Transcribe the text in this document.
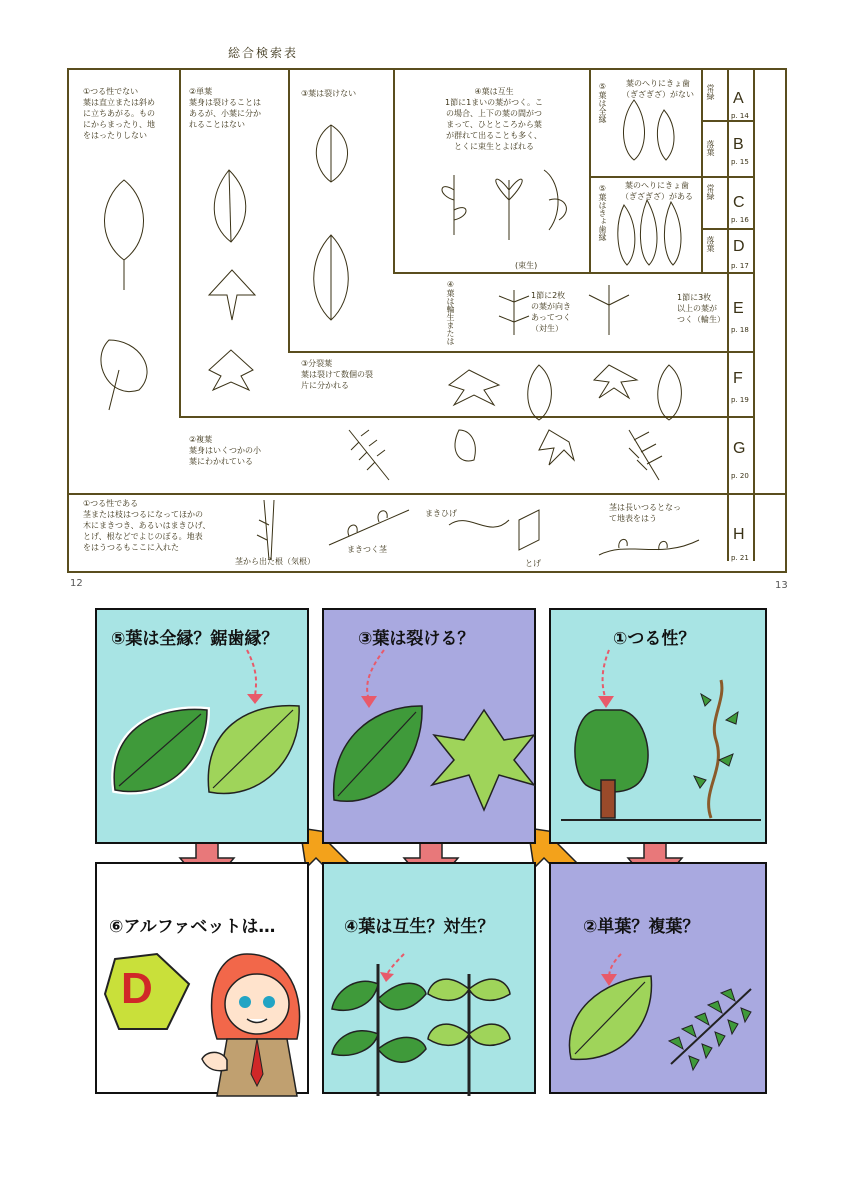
総合検索表
12	13
①つる性でない
葉は直立または斜め
に立ちあがる。もの
にからまったり、地
をはったりしない
②単葉
葉身は裂けることは
あるが、小葉に分か
れることはない
③葉は裂けない	④葉は互生
1節に1まいの葉がつく。こ
の場合、上下の葉の間がつ
まって、ひとところから葉
が群れて出ることも多く、
とくに束生とよばれる
(束生)
⑤葉は全縁	葉のへりにきょ歯
（ぎざぎざ）がない
⑤葉はきょ歯縁	葉のへりにきょ歯
（ぎざぎざ）がある
④葉は輪生または	1節に2枚
の葉が向き
あってつく
（対生）
1節に3枚
以上の葉が
つく（輪生）
③分裂葉
葉は裂けて数個の裂
片に分かれる
②複葉
葉身はいくつかの小
葉にわかれている
①つる性である
茎または枝はつるになってほかの
木にまきつき、あるいはまきひげ、
とげ、根などでよじのぼる。地表
をはうつるもここに入れた
茎から出た根（気根）
まきつく茎
まきひげ
とげ
茎は長いつるとなっ
て地表をはう
常緑
落葉
常緑
落葉
A
p. 14
B
p. 15
C
p. 16
D
p. 17
E
p. 18
F
p. 19
G
p. 20
H
p. 21
⑤葉は全縁？鋸歯縁？	③葉は裂ける？	①つる性？
⑥アルファベットは…
D
④葉は互生？対生？	②単葉？複葉？
